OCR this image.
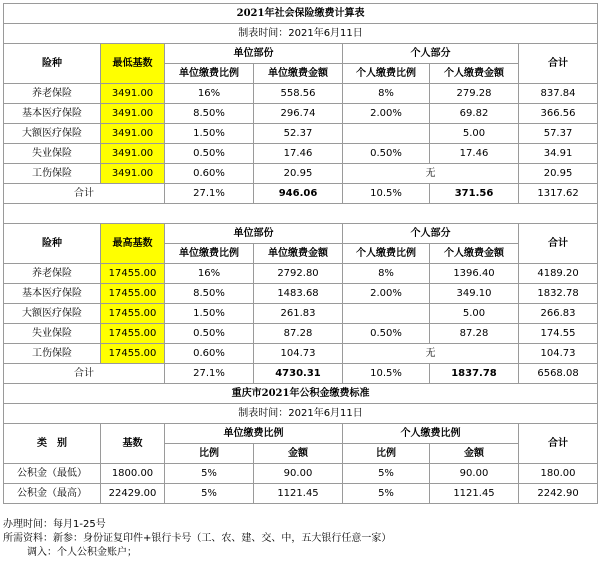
2021年社会保险缴费计算表						
制表时间：2021年6月11日						
险种	最低基数	单位部份		个人部分		合计
		单位缴费比例	单位缴费金额	个人缴费比例	个人缴费金额	
养老保险	3491.00	16%	558.56	8%	279.28	837.84
基本医疗保险	3491.00	8.50%	296.74	2.00%	69.82	366.56
大额医疗保险	3491.00	1.50%	52.37		5.00	57.37
失业保险	3491.00	0.50%	17.46	0.50%	17.46	34.91
工伤保险	3491.00	0.60%	20.95	无		20.95
合计		27.1%	946.06	10.5%	371.56	1317.62

险种	最高基数	单位部份		个人部分		合计
		单位缴费比例	单位缴费金额	个人缴费比例	个人缴费金额	
养老保险	17455.00	16%	2792.80	8%	1396.40	4189.20
基本医疗保险	17455.00	8.50%	1483.68	2.00%	349.10	1832.78
大额医疗保险	17455.00	1.50%	261.83		5.00	266.83
失业保险	17455.00	0.50%	87.28	0.50%	87.28	174.55
工伤保险	17455.00	0.60%	104.73	无		104.73
合计		27.1%	4730.31	10.5%	1837.78	6568.08
重庆市2021年公积金缴费标准						
制表时间：2021年6月11日						
类　别	基数	单位缴费比例		个人缴费比例		合计
		比例	金额	比例	金额	
公积金（最低）	1800.00	5%	90.00	5%	90.00	180.00
公积金（最高）	22429.00	5%	1121.45	5%	1121.45	2242.90
办理时间：每月1-25号
所需资料：新参：身份证复印件+银行卡号（工、农、建、交、中，五大银行任意一家）
调入：个人公积金账户；
